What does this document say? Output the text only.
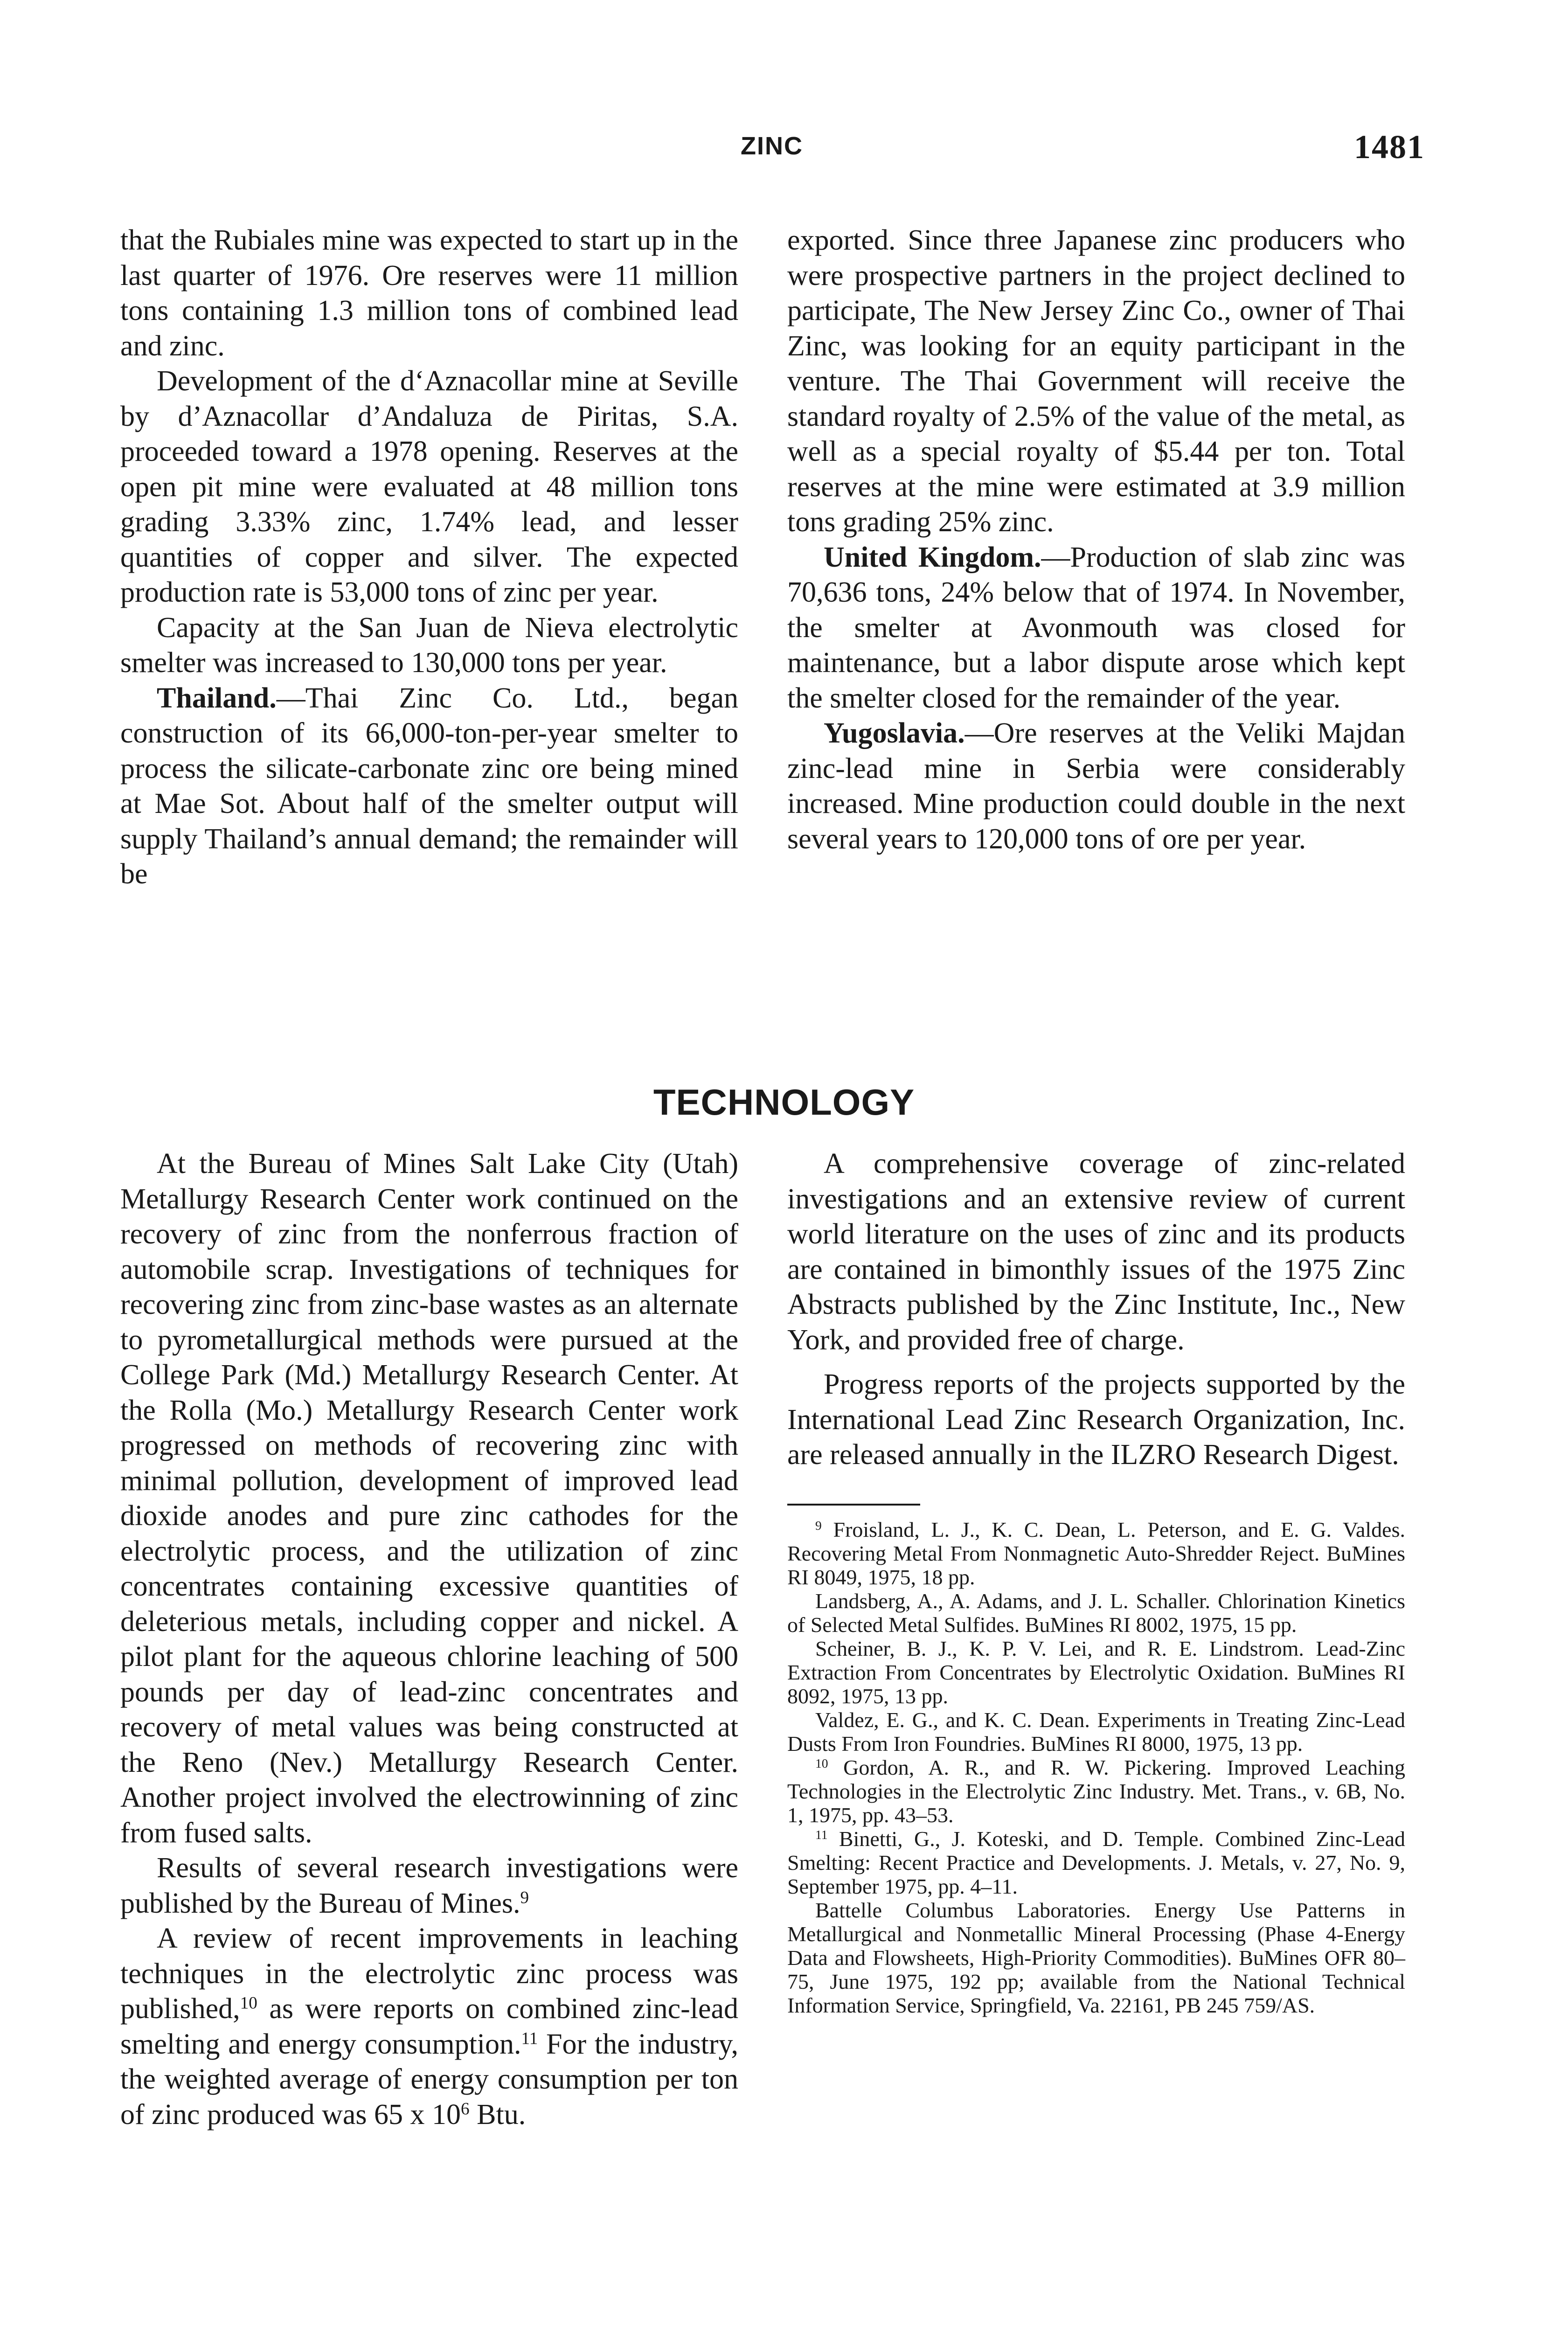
ZINC	1481

that the Rubiales mine was expected to start up in the last quarter of 1976. Ore reserves were 11 million tons containing 1.3 million tons of combined lead and zinc.

Development of the d‘Aznacollar mine at Seville by d’Aznacollar d’Andaluza de Piritas, S.A. proceeded toward a 1978 opening. Reserves at the open pit mine were evaluated at 48 million tons grading 3.33% zinc, 1.74% lead, and lesser quantities of copper and silver. The expected production rate is 53,000 tons of zinc per year.

Capacity at the San Juan de Nieva electrolytic smelter was increased to 130,000 tons per year.

Thailand.—Thai Zinc Co. Ltd., began construction of its 66,000-ton-per-year smelter to process the silicate-carbonate zinc ore being mined at Mae Sot. About half of the smelter output will supply Thailand’s annual demand; the remainder will be

exported. Since three Japanese zinc producers who were prospective partners in the project declined to participate, The New Jersey Zinc Co., owner of Thai Zinc, was looking for an equity participant in the venture. The Thai Government will receive the standard royalty of 2.5% of the value of the metal, as well as a special royalty of $5.44 per ton. Total reserves at the mine were estimated at 3.9 million tons grading 25% zinc.

United Kingdom.—Production of slab zinc was 70,636 tons, 24% below that of 1974. In November, the smelter at Avonmouth was closed for maintenance, but a labor dispute arose which kept the smelter closed for the remainder of the year.

Yugoslavia.—Ore reserves at the Veliki Majdan zinc-lead mine in Serbia were considerably increased. Mine production could double in the next several years to 120,000 tons of ore per year.

TECHNOLOGY

At the Bureau of Mines Salt Lake City (Utah) Metallurgy Research Center work continued on the recovery of zinc from the nonferrous fraction of automobile scrap. Investigations of techniques for recovering zinc from zinc-base wastes as an alternate to pyrometallurgical methods were pursued at the College Park (Md.) Metallurgy Research Center. At the Rolla (Mo.) Metallurgy Research Center work progressed on methods of recovering zinc with minimal pollution, development of improved lead dioxide anodes and pure zinc cathodes for the electrolytic process, and the utilization of zinc concentrates containing excessive quantities of deleterious metals, including copper and nickel. A pilot plant for the aqueous chlorine leaching of 500 pounds per day of lead-zinc concentrates and recovery of metal values was being constructed at the Reno (Nev.) Metallurgy Research Center. Another project involved the electrowinning of zinc from fused salts.

Results of several research investigations were published by the Bureau of Mines.$^9$

A review of recent improvements in leaching techniques in the electrolytic zinc process was published,$^{10}$ as were reports on combined zinc-lead smelting and energy consumption.$^{11}$ For the industry, the weighted average of energy consumption per ton of zinc produced was 65 x $10^6$ Btu.

A comprehensive coverage of zinc-related investigations and an extensive review of current world literature on the uses of zinc and its products are contained in bimonthly issues of the 1975 Zinc Abstracts published by the Zinc Institute, Inc., New York, and provided free of charge.

Progress reports of the projects supported by the International Lead Zinc Research Organization, Inc. are released annually in the ILZRO Research Digest.

$^9$ Froisland, L. J., K. C. Dean, L. Peterson, and E. G. Valdes. Recovering Metal From Nonmagnetic Auto-Shredder Reject. BuMines RI 8049, 1975, 18 pp.

Landsberg, A., A. Adams, and J. L. Schaller. Chlorination Kinetics of Selected Metal Sulfides. BuMines RI 8002, 1975, 15 pp.

Scheiner, B. J., K. P. V. Lei, and R. E. Lindstrom. Lead-Zinc Extraction From Concentrates by Electrolytic Oxidation. BuMines RI 8092, 1975, 13 pp.

Valdez, E. G., and K. C. Dean. Experiments in Treating Zinc-Lead Dusts From Iron Foundries. BuMines RI 8000, 1975, 13 pp.

$^{10}$ Gordon, A. R., and R. W. Pickering. Improved Leaching Technologies in the Electrolytic Zinc Industry. Met. Trans., v. 6B, No. 1, 1975, pp. 43–53.

$^{11}$ Binetti, G., J. Koteski, and D. Temple. Combined Zinc-Lead Smelting: Recent Practice and Developments. J. Metals, v. 27, No. 9, September 1975, pp. 4–11.

Battelle Columbus Laboratories. Energy Use Patterns in Metallurgical and Nonmetallic Mineral Processing (Phase 4-Energy Data and Flowsheets, High-Priority Commodities). BuMines OFR 80–75, June 1975, 192 pp; available from the National Technical Information Service, Springfield, Va. 22161, PB 245 759/AS.
